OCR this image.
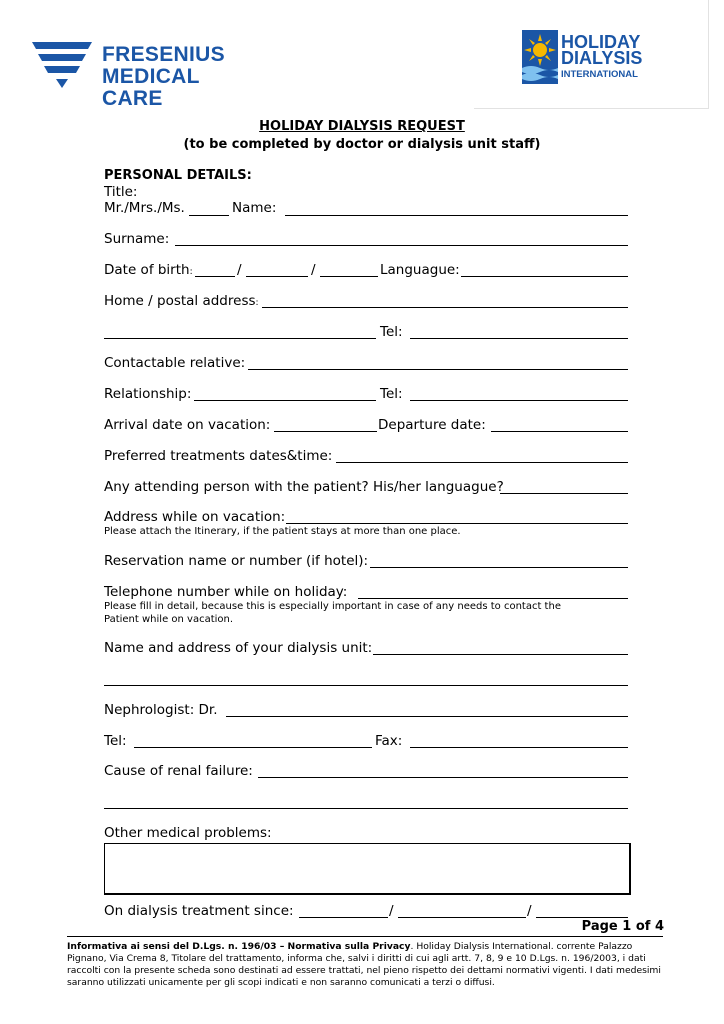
FRESENIUS
MEDICAL CARE
HOLIDAY
DIALYSIS
INTERNATIONAL
HOLIDAY DIALYSIS REQUEST
(to be completed by doctor or dialysis unit staff)
PERSONAL DETAILS:
Title:
Mr./Mrs./Ms.	Name:
Surname:
Date of birth:	/	/	Languague:
Home / postal address:
Tel:
Contactable relative:
Relationship:	Tel:
Arrival date on vacation:	Departure date:
Preferred treatments dates&time:
Any attending person with the patient? His/her languague?
Address while on vacation:
Please attach the Itinerary, if the patient stays at more than one place.
Reservation name or number (if hotel):
Telephone number while on holiday:
Please fill in detail, because this is especially important in case of any needs to contact the
Patient while on vacation.
Name and address of your dialysis unit:
Nephrologist: Dr.
Tel:	Fax:
Cause of renal failure:
Other medical problems:
On dialysis treatment since:	/	/
Page 1 of 4
Informativa ai sensi del D.Lgs. n. 196/03 – Normativa sulla Privacy. Holiday Dialysis International. corrente Palazzo Pignano, Via Crema 8, Titolare del trattamento, informa che, salvi i diritti di cui agli artt. 7, 8, 9 e 10 D.Lgs. n. 196/2003, i dati raccolti con la presente scheda sono destinati ad essere trattati, nel pieno rispetto dei dettami normativi vigenti. I dati medesimi saranno utilizzati unicamente per gli scopi indicati e non saranno comunicati a terzi o diffusi.
